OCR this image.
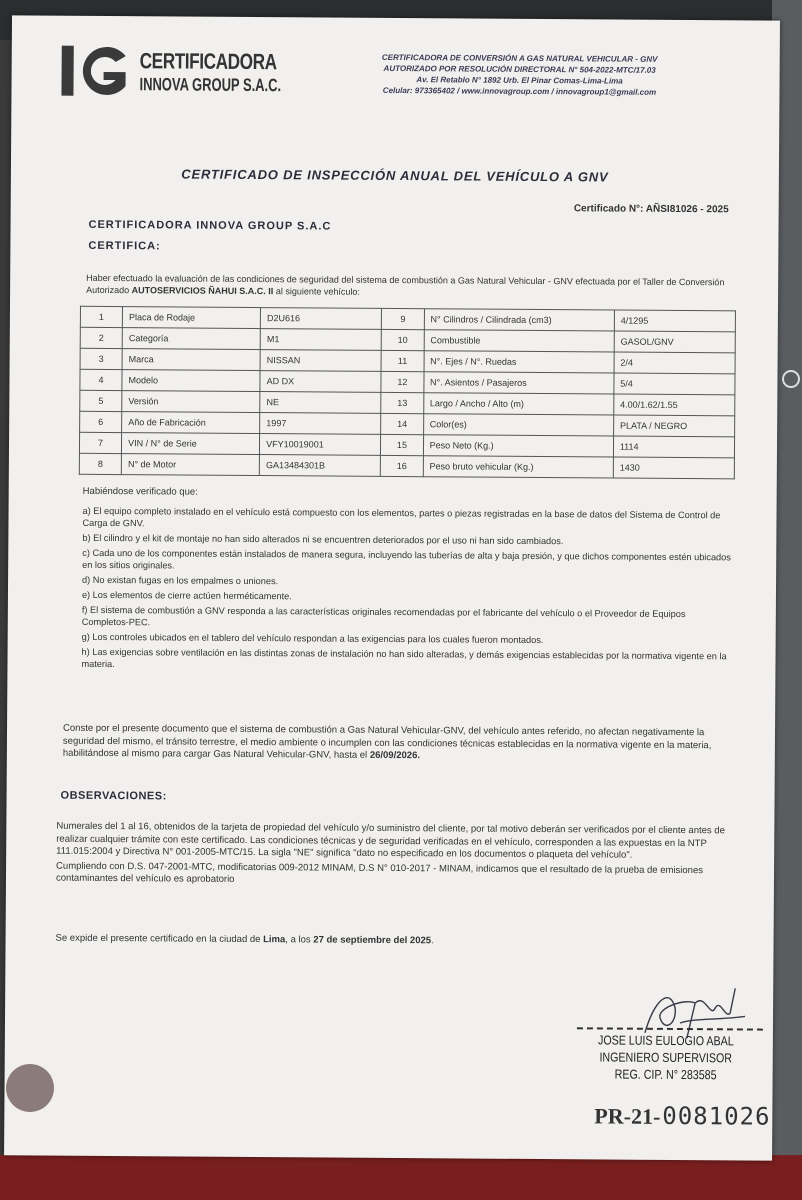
CERTIFICADORA
INNOVA GROUP S.A.C.
CERTIFICADORA DE CONVERSIÓN A GAS NATURAL VEHICULAR - GNV
AUTORIZADO POR RESOLUCIÓN DIRECTORAL N° 504-2022-MTC/17.03
Av. El Retablo N° 1892 Urb. El Pinar Comas-Lima-Lima
Celular: 973365402 / www.innovagroup.com / innovagroup1@gmail.com
CERTIFICADO DE INSPECCIÓN ANUAL DEL VEHÍCULO A GNV
Certificado N°: AÑSI81026 - 2025
CERTIFICADORA INNOVA GROUP S.A.C
CERTIFICA:
Haber efectuado la evaluación de las condiciones de seguridad del sistema de combustión a Gas Natural Vehicular - GNV efectuada por el Taller de Conversión Autorizado AUTOSERVICIOS ÑAHUI S.A.C. II al siguiente vehículo:
1	Placa de Rodaje	D2U616	9	N° Cilindros / Cilindrada (cm3)	4/1295
2	Categoría	M1	10	Combustible	GASOL/GNV
3	Marca	NISSAN	11	N°. Ejes / N°. Ruedas	2/4
4	Modelo	AD DX	12	N°. Asientos / Pasajeros	5/4
5	Versión	NE	13	Largo / Ancho / Alto (m)	4.00/1.62/1.55
6	Año de Fabricación	1997	14	Color(es)	PLATA / NEGRO
7	VIN / N° de Serie	VFY10019001	15	Peso Neto (Kg.)	1114
8	N° de Motor	GA13484301B	16	Peso bruto vehicular (Kg.)	1430
Habiéndose verificado que:

a) El equipo completo instalado en el vehículo está compuesto con los elementos, partes o piezas registradas en la base de datos del Sistema de Control de Carga de GNV.

b) El cilindro y el kit de montaje no han sido alterados ni se encuentren deteriorados por el uso ni han sido cambiados.

c) Cada uno de los componentes están instalados de manera segura, incluyendo las tuberías de alta y baja presión, y que dichos componentes estén ubicados en los sitios originales.

d) No existan fugas en los empalmes o uniones.

e) Los elementos de cierre actúen herméticamente.

f) El sistema de combustión a GNV responda a las características originales recomendadas por el fabricante del vehículo o el Proveedor de Equipos Completos-PEC.

g) Los controles ubicados en el tablero del vehículo respondan a las exigencias para los cuales fueron montados.

h) Las exigencias sobre ventilación en las distintas zonas de instalación no han sido alteradas, y demás exigencias establecidas por la normativa vigente en la materia.

Conste por el presente documento que el sistema de combustión a Gas Natural Vehicular-GNV, del vehículo antes referido, no afectan negativamente la seguridad del mismo, el tránsito terrestre, el medio ambiente o incumplen con las condiciones técnicas establecidas en la normativa vigente en la materia, habilitándose al mismo para cargar Gas Natural Vehicular-GNV, hasta el 26/09/2026.
OBSERVACIONES:

Numerales del 1 al 16, obtenidos de la tarjeta de propiedad del vehículo y/o suministro del cliente, por tal motivo deberán ser verificados por el cliente antes de realizar cualquier trámite con este certificado. Las condiciones técnicas y de seguridad verificadas en el vehículo, corresponden a las expuestas en la NTP 111.015:2004 y Directiva N° 001-2005-MTC/15. La sigla "NE" significa "dato no especificado en los documentos o plaqueta del vehículo".

Cumpliendo con D.S. 047-2001-MTC, modificatorias 009-2012 MINAM, D.S N° 010-2017 - MINAM, indicamos que el resultado de la prueba de emisiones contaminantes del vehículo es aprobatorio

Se expide el presente certificado en la ciudad de Lima, a los 27 de septiembre del 2025.
JOSE LUIS EULOGIO ABAL
INGENIERO SUPERVISOR
REG. CIP. N° 283585
PR-21- 0081026
